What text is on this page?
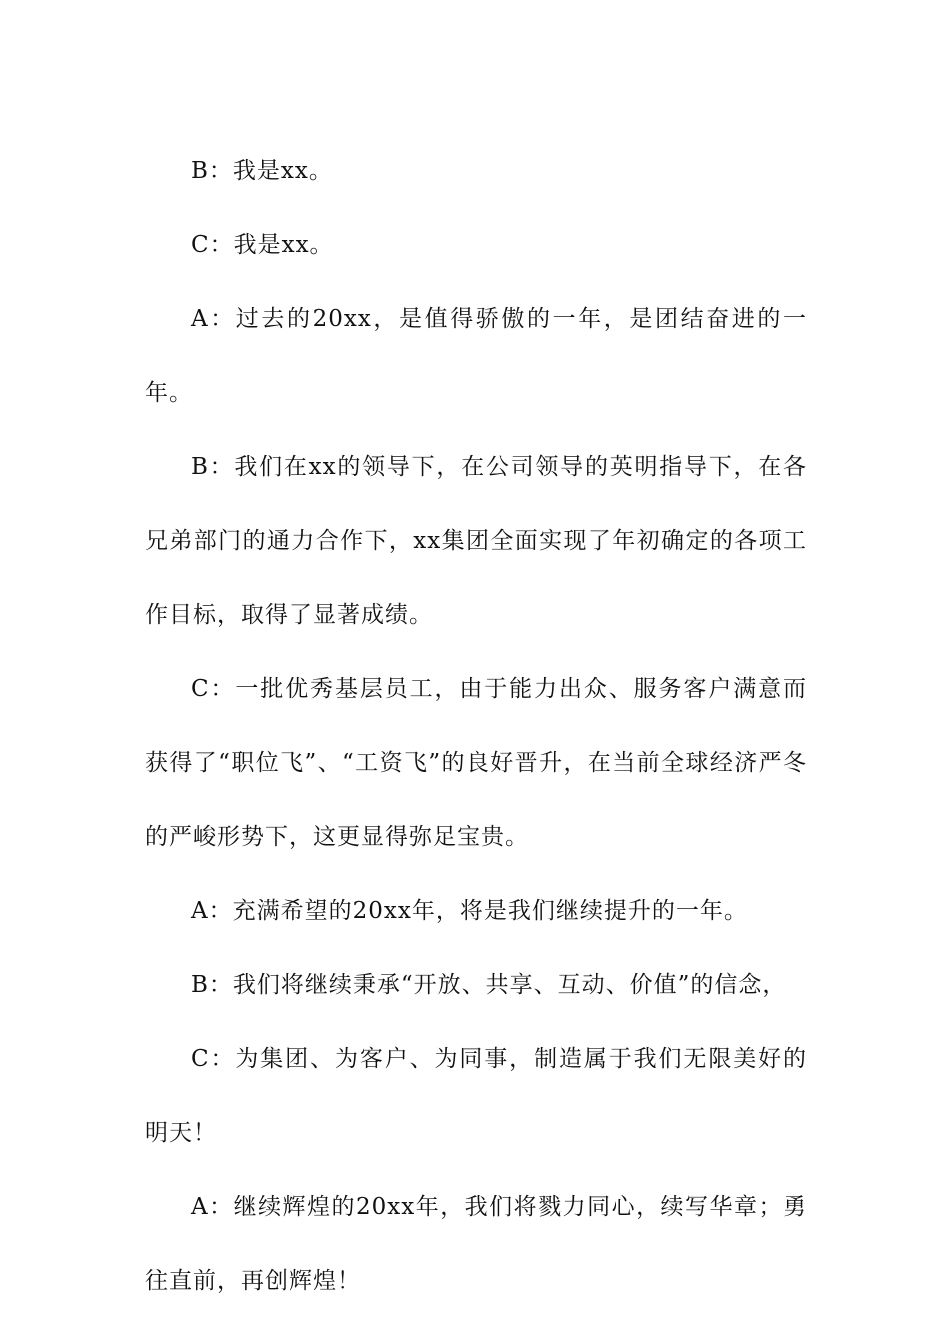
B：我是xx。

C：我是xx。

A：过去的20xx，是值得骄傲的一年，是团结奋进的一年。

B：我们在xx的领导下，在公司领导的英明指导下，在各兄弟部门的通力合作下，xx集团全面实现了年初确定的各项工作目标，取得了显著成绩。

C：一批优秀基层员工，由于能力出众、服务客户满意而获得了“职位飞”、“工资飞”的良好晋升，在当前全球经济严冬的严峻形势下，这更显得弥足宝贵。

A：充满希望的20xx年，将是我们继续提升的一年。

B：我们将继续秉承“开放、共享、互动、价值”的信念，

C：为集团、为客户、为同事，制造属于我们无限美好的明天！

A：继续辉煌的20xx年，我们将戮力同心，续写华章；勇往直前，再创辉煌！
